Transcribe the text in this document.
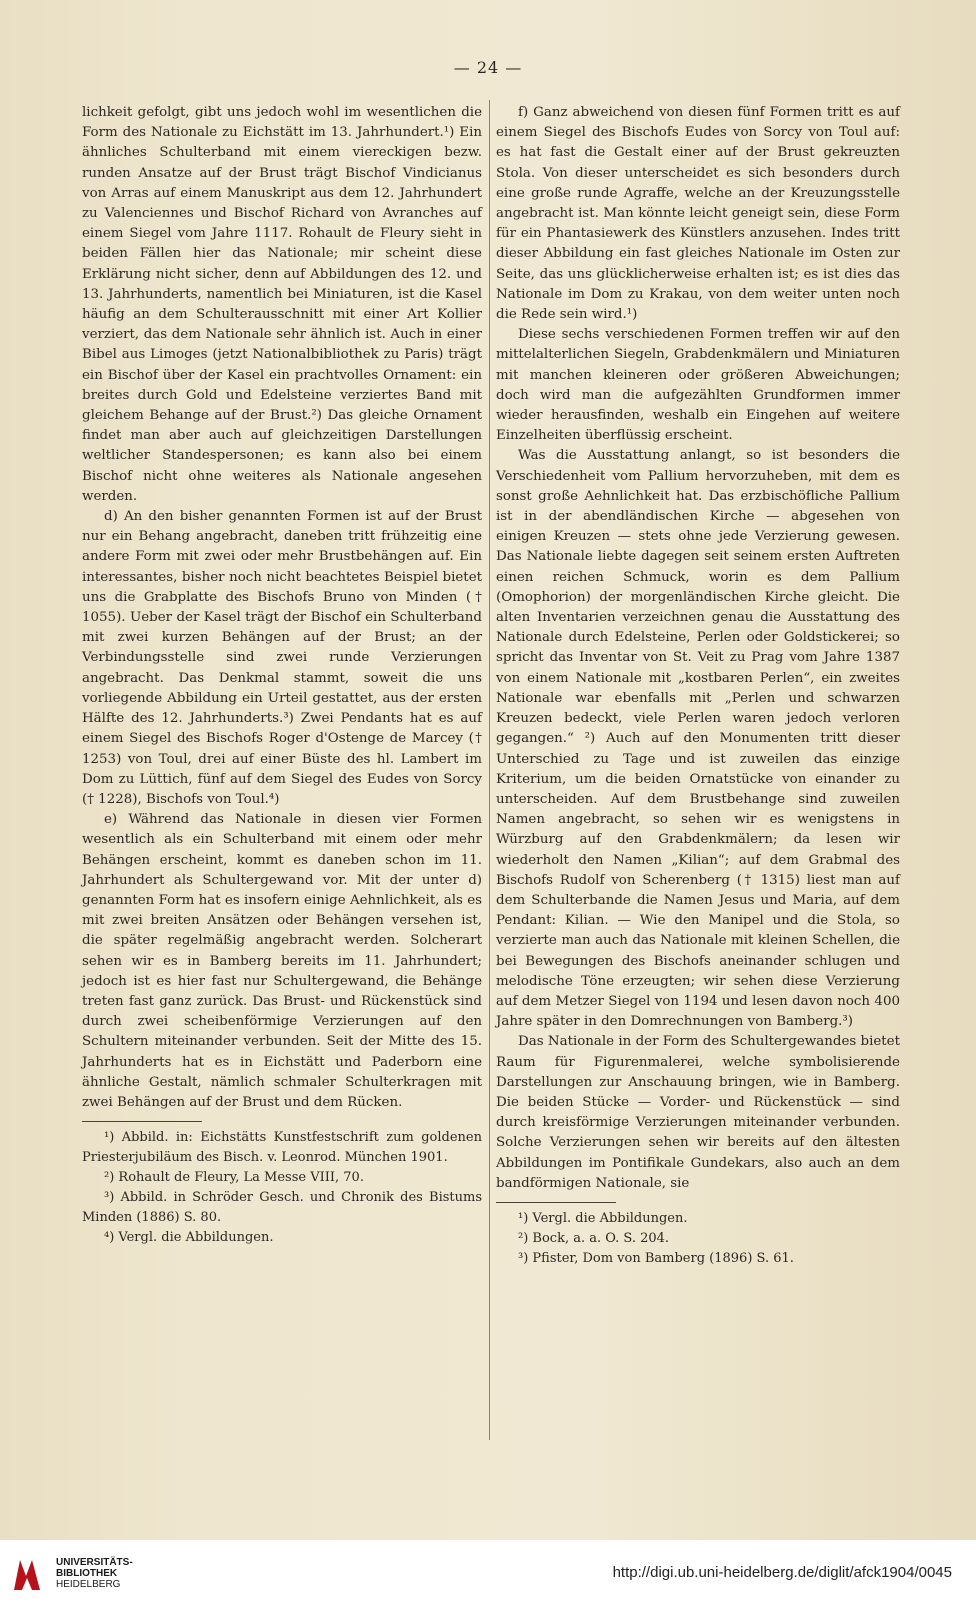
— 24 —

lichkeit gefolgt, gibt uns jedoch wohl im wesentlichen die Form des Nationale zu Eichstätt im 13. Jahrhundert.¹) Ein ähnliches Schulterband mit einem viereckigen bezw. runden Ansatze auf der Brust trägt Bischof Vindicianus von Arras auf einem Manuskript aus dem 12. Jahrhundert zu Valenciennes und Bischof Richard von Avranches auf einem Siegel vom Jahre 1117. Rohault de Fleury sieht in beiden Fällen hier das Nationale; mir scheint diese Erklärung nicht sicher, denn auf Abbildungen des 12. und 13. Jahrhunderts, namentlich bei Miniaturen, ist die Kasel häufig an dem Schulterausschnitt mit einer Art Kollier verziert, das dem Nationale sehr ähnlich ist. Auch in einer Bibel aus Limoges (jetzt Nationalbibliothek zu Paris) trägt ein Bischof über der Kasel ein prachtvolles Ornament: ein breites durch Gold und Edelsteine verziertes Band mit gleichem Behange auf der Brust.²) Das gleiche Ornament findet man aber auch auf gleichzeitigen Darstellungen weltlicher Standespersonen; es kann also bei einem Bischof nicht ohne weiteres als Nationale angesehen werden.

d) An den bisher genannten Formen ist auf der Brust nur ein Behang angebracht, daneben tritt frühzeitig eine andere Form mit zwei oder mehr Brustbehängen auf. Ein interessantes, bisher noch nicht beachtetes Beispiel bietet uns die Grabplatte des Bischofs Bruno von Minden († 1055). Ueber der Kasel trägt der Bischof ein Schulterband mit zwei kurzen Behängen auf der Brust; an der Verbindungsstelle sind zwei runde Verzierungen angebracht. Das Denkmal stammt, soweit die uns vorliegende Abbildung ein Urteil gestattet, aus der ersten Hälfte des 12. Jahrhunderts.³) Zwei Pendants hat es auf einem Siegel des Bischofs Roger d'Ostenge de Marcey († 1253) von Toul, drei auf einer Büste des hl. Lambert im Dom zu Lüttich, fünf auf dem Siegel des Eudes von Sorcy († 1228), Bischofs von Toul.⁴)

e) Während das Nationale in diesen vier Formen wesentlich als ein Schulterband mit einem oder mehr Behängen erscheint, kommt es daneben schon im 11. Jahrhundert als Schultergewand vor. Mit der unter d) genannten Form hat es insofern einige Aehnlichkeit, als es mit zwei breiten Ansätzen oder Behängen versehen ist, die später regelmäßig angebracht werden. Solcherart sehen wir es in Bamberg bereits im 11. Jahrhundert; jedoch ist es hier fast nur Schultergewand, die Behänge treten fast ganz zurück. Das Brust- und Rückenstück sind durch zwei scheibenförmige Verzierungen auf den Schultern miteinander verbunden. Seit der Mitte des 15. Jahrhunderts hat es in Eichstätt und Paderborn eine ähnliche Gestalt, nämlich schmaler Schulterkragen mit zwei Behängen auf der Brust und dem Rücken.

¹) Abbild. in: Eichstätts Kunstfestschrift zum goldenen Priesterjubiläum des Bisch. v. Leonrod. München 1901.

²) Rohault de Fleury, La Messe VIII, 70.

³) Abbild. in Schröder Gesch. und Chronik des Bistums Minden (1886) S. 80.

⁴) Vergl. die Abbildungen.

f) Ganz abweichend von diesen fünf Formen tritt es auf einem Siegel des Bischofs Eudes von Sorcy von Toul auf: es hat fast die Gestalt einer auf der Brust gekreuzten Stola. Von dieser unterscheidet es sich besonders durch eine große runde Agraffe, welche an der Kreuzungsstelle angebracht ist. Man könnte leicht geneigt sein, diese Form für ein Phantasiewerk des Künstlers anzusehen. Indes tritt dieser Abbildung ein fast gleiches Nationale im Osten zur Seite, das uns glücklicherweise erhalten ist; es ist dies das Nationale im Dom zu Krakau, von dem weiter unten noch die Rede sein wird.¹)

Diese sechs verschiedenen Formen treffen wir auf den mittelalterlichen Siegeln, Grabdenkmälern und Miniaturen mit manchen kleineren oder größeren Abweichungen; doch wird man die aufgezählten Grundformen immer wieder herausfinden, weshalb ein Eingehen auf weitere Einzelheiten überflüssig erscheint.

Was die Ausstattung anlangt, so ist besonders die Verschiedenheit vom Pallium hervorzuheben, mit dem es sonst große Aehnlichkeit hat. Das erzbischöfliche Pallium ist in der abendländischen Kirche — abgesehen von einigen Kreuzen — stets ohne jede Verzierung gewesen. Das Nationale liebte dagegen seit seinem ersten Auftreten einen reichen Schmuck, worin es dem Pallium (Omophorion) der morgenländischen Kirche gleicht. Die alten Inventarien verzeichnen genau die Ausstattung des Nationale durch Edelsteine, Perlen oder Goldstickerei; so spricht das Inventar von St. Veit zu Prag vom Jahre 1387 von einem Nationale mit „kostbaren Perlen“, ein zweites Nationale war ebenfalls mit „Perlen und schwarzen Kreuzen bedeckt, viele Perlen waren jedoch verloren gegangen.“ ²) Auch auf den Monumenten tritt dieser Unterschied zu Tage und ist zuweilen das einzige Kriterium, um die beiden Ornatstücke von einander zu unterscheiden. Auf dem Brustbehange sind zuweilen Namen angebracht, so sehen wir es wenigstens in Würzburg auf den Grabdenkmälern; da lesen wir wiederholt den Namen „Kilian“; auf dem Grabmal des Bischofs Rudolf von Scherenberg († 1315) liest man auf dem Schulterbande die Namen Jesus und Maria, auf dem Pendant: Kilian. — Wie den Manipel und die Stola, so verzierte man auch das Nationale mit kleinen Schellen, die bei Bewegungen des Bischofs aneinander schlugen und melodische Töne erzeugten; wir sehen diese Verzierung auf dem Metzer Siegel von 1194 und lesen davon noch 400 Jahre später in den Domrechnungen von Bamberg.³)

Das Nationale in der Form des Schultergewandes bietet Raum für Figurenmalerei, welche symbolisierende Darstellungen zur Anschauung bringen, wie in Bamberg. Die beiden Stücke — Vorder- und Rückenstück — sind durch kreisförmige Verzierungen miteinander verbunden. Solche Verzierungen sehen wir bereits auf den ältesten Abbildungen im Pontifikale Gundekars, also auch an dem bandförmigen Nationale, sie

¹) Vergl. die Abbildungen.

²) Bock, a. a. O. S. 204.

³) Pfister, Dom von Bamberg (1896) S. 61.

UNIVERSITÄTS-
BIBLIOTHEK
HEIDELBERG
http://digi.ub.uni-heidelberg.de/diglit/afck1904/0045
